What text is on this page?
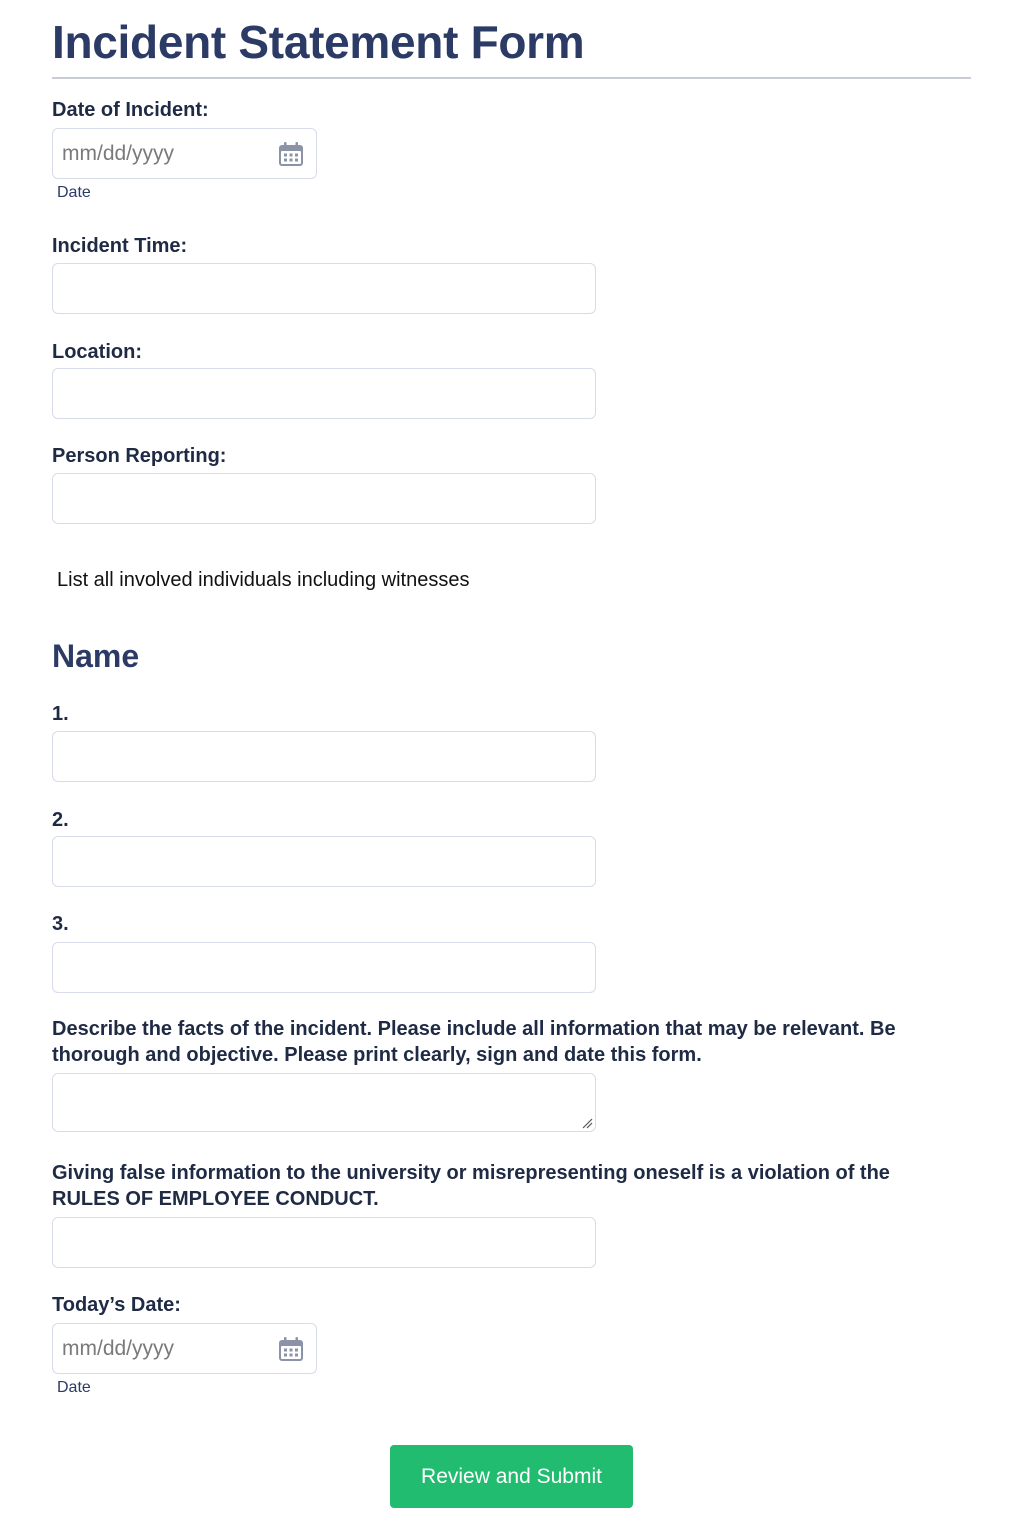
Incident Statement Form
Date of Incident:
mm/dd/yyyy
Date
Incident Time:
Location:
Person Reporting:

List all involved individuals including witnesses

Name
1.
2.
3.
Describe the facts of the incident. Please include all information that may be relevant. Be thorough and objective. Please print clearly, sign and date this form.
Giving false information to the university or misrepresenting oneself is a violation of the RULES OF EMPLOYEE CONDUCT.
Today’s Date:
mm/dd/yyyy
Date
Review and Submit
